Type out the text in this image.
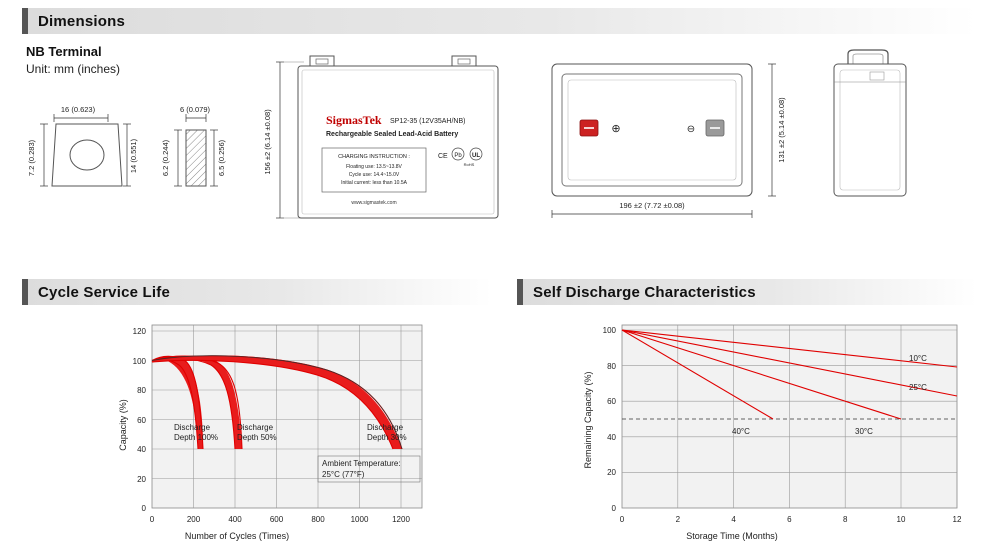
Dimensions
Cycle Service Life	Self Discharge Characteristics
NB Terminal
Unit: mm (inches)
16 (0.623)
7.2 (0.283)	14 (0.551)
6 (0.079)
6.2 (0.244)	6.5 (0.256)	156 ±2 (6.14 ±0.08)	SigmasTek SP12-35 (12V35AH/NB)
Rechargeable Sealed Lead-Acid Battery
CHARGING INSTRUCTION :
Floating use: 13.5~13.8V
Cycle use: 14.4~15.0V
Initial current: less than 10.5A
www.sigmastek.com
CE Pb UL
RoHS
⊕	⊖
196 ±2 (7.72 ±0.08)
131 ±2 (5.14 ±0.08)
0
20
40
60
80
100
120
0	200	400	600	800	1000	1200
Capacity (%)
Number of Cycles (Times)
Discharge
Depth 100%
Discharge
Depth 50%
Discharge
Depth 30%
Ambient Temperature:
25°C (77°F)
0
20
40
60
80
100
0	2	4	6	8	10	12
Remaining Capacity (%)
Storage Time (Months)
10°C
25°C
30°C
40°C
